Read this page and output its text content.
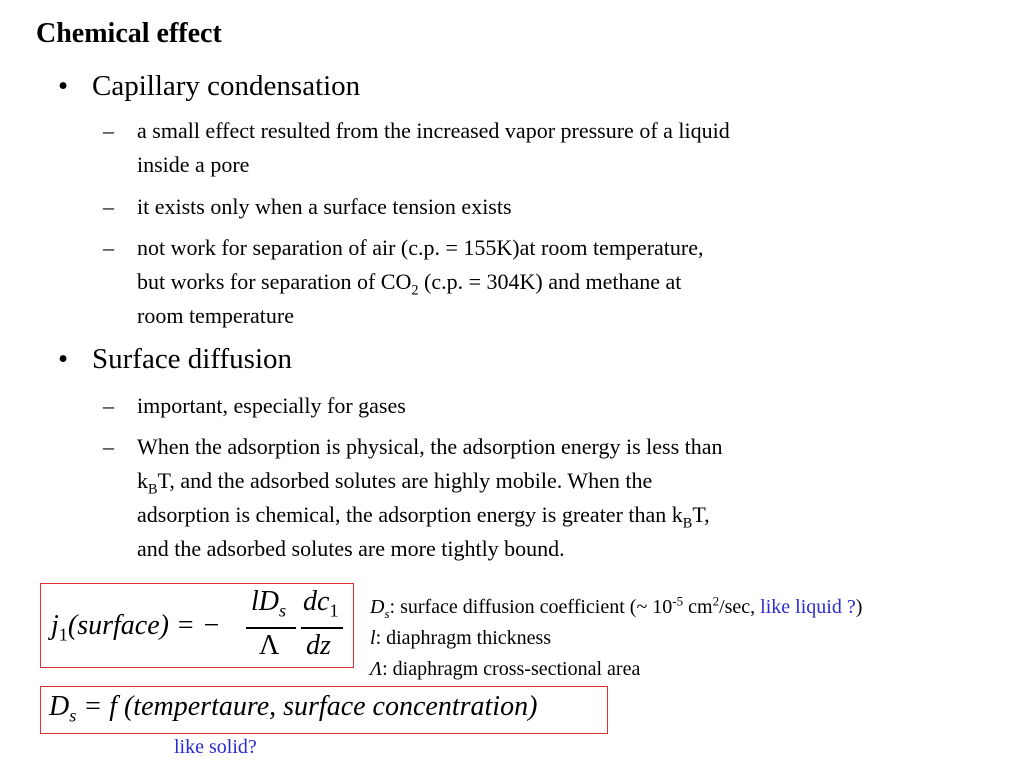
Chemical effect
• Capillary condensation
– a small effect resulted from the increased vapor pressure of a liquid
inside a pore
– it exists only when a surface tension exists
– not work for separation of air (c.p. = 155K)at room temperature,
but works for separation of $CO_2$ (c.p. = 304K) and methane at
room temperature
• Surface diffusion
– important, especially for gases
– When the adsorption is physical, the adsorption energy is less than
$k_BT$, and the adsorbed solutes are highly mobile. When the
adsorption is chemical, the adsorption energy is greater than $k_BT$,
and the adsorbed solutes are more tightly bound.
$j_1(surface)$ = −
$lD_s$
Λ
$dc_1$
dz
$D_s$: surface diffusion coefficient (~ $10^{-5}$ $cm^2/\sec$, like liquid ?)
l: diaphragm thickness
Λ: diaphragm cross-sectional area
$D_s = f$ (tempertaure, surface concentration)
like solid?
